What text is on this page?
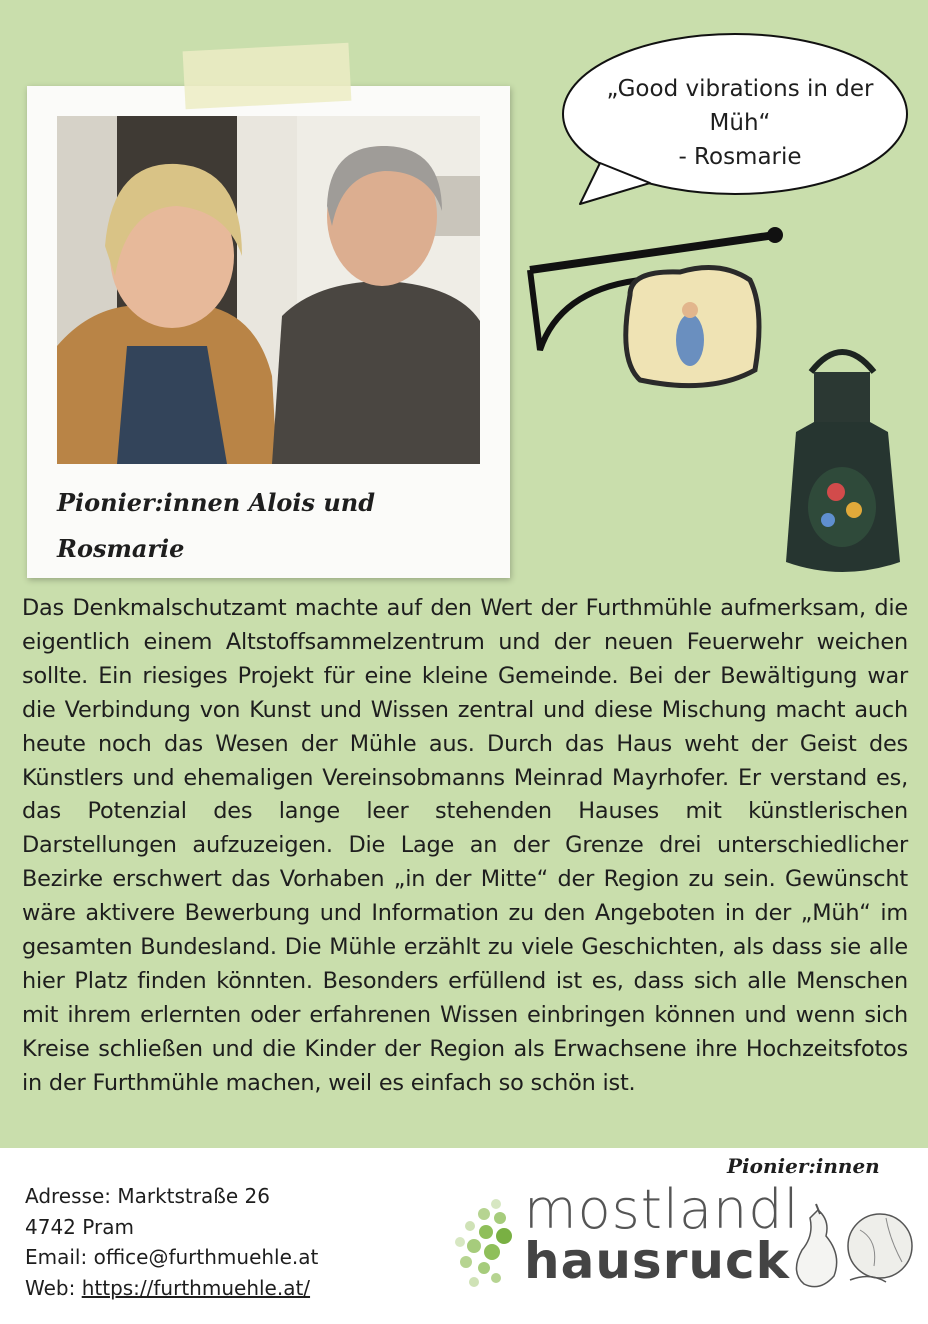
Pionier:innen Alois und
Rosmarie
„Good vibrations in der
Müh“
- Rosmarie

Das Denkmalschutzamt machte auf den Wert der Furthmühle aufmerksam, die eigentlich einem Altstoffsammelzentrum und der neuen Feuerwehr weichen sollte. Ein riesiges Projekt für eine kleine Gemeinde. Bei der Bewältigung war die Verbindung von Kunst und Wissen zentral und diese Mischung macht auch heute noch das Wesen der Mühle aus. Durch das Haus weht der Geist des Künstlers und ehemaligen Vereinsobmanns Meinrad Mayrhofer. Er verstand es, das Potenzial des lange leer stehenden Hauses mit künstlerischen Darstellungen aufzuzeigen. Die Lage an der Grenze drei unterschiedlicher Bezirke erschwert das Vorhaben „in der Mitte“ der Region zu sein. Gewünscht wäre aktivere Bewerbung und Information zu den Angeboten in der „Müh“ im gesamten Bundesland. Die Mühle erzählt zu viele Geschichten, als dass sie alle hier Platz finden könnten. Besonders erfüllend ist es, dass sich alle Menschen mit ihrem erlernten oder erfahrenen Wissen einbringen können und wenn sich Kreise schließen und die Kinder der Region als Erwachsene ihre Hochzeitsfotos in der Furthmühle machen, weil es einfach so schön ist.

Adresse: Marktstraße 26
4742 Pram
Email: office@furthmuehle.at
Web: https://furthmuehle.at/
Pionier:innen
mostlandl
hausruck
